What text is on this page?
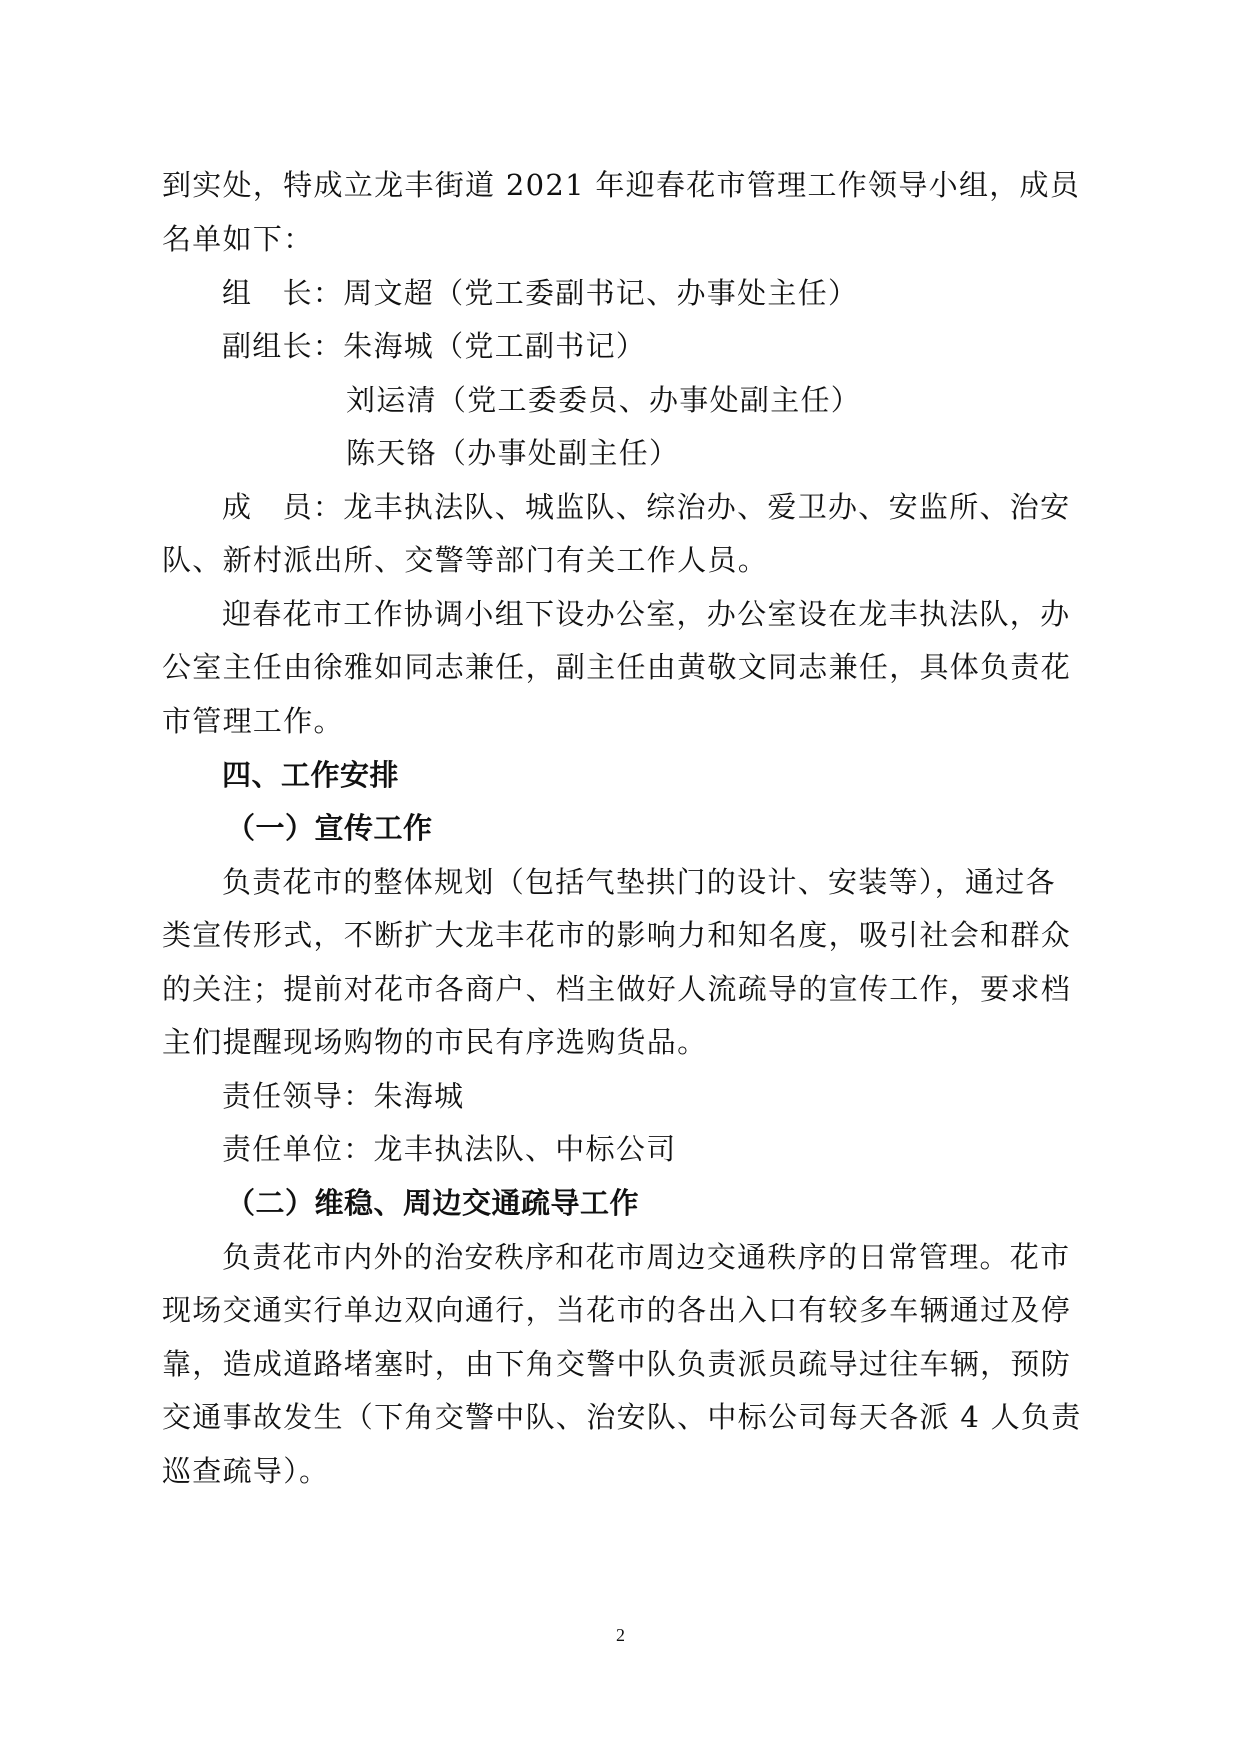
到实处，特成立龙丰街道 2021 年迎春花市管理工作领导小组，成员
名单如下：
组　长：周文超（党工委副书记、办事处主任）
副组长：朱海城（党工副书记）
刘运清（党工委委员、办事处副主任）
陈天铬（办事处副主任）
成　员：龙丰执法队、城监队、综治办、爱卫办、安监所、治安
队、新村派出所、交警等部门有关工作人员。
迎春花市工作协调小组下设办公室，办公室设在龙丰执法队，办
公室主任由徐雅如同志兼任，副主任由黄敬文同志兼任，具体负责花
市管理工作。
四、工作安排
（一）宣传工作
负责花市的整体规划（包括气垫拱门的设计、安装等），通过各
类宣传形式，不断扩大龙丰花市的影响力和知名度，吸引社会和群众
的关注；提前对花市各商户、档主做好人流疏导的宣传工作，要求档
主们提醒现场购物的市民有序选购货品。
责任领导：朱海城
责任单位：龙丰执法队、中标公司
（二）维稳、周边交通疏导工作
负责花市内外的治安秩序和花市周边交通秩序的日常管理。花市
现场交通实行单边双向通行，当花市的各出入口有较多车辆通过及停
靠，造成道路堵塞时，由下角交警中队负责派员疏导过往车辆，预防
交通事故发生（下角交警中队、治安队、中标公司每天各派 4 人负责
巡查疏导）。
2
